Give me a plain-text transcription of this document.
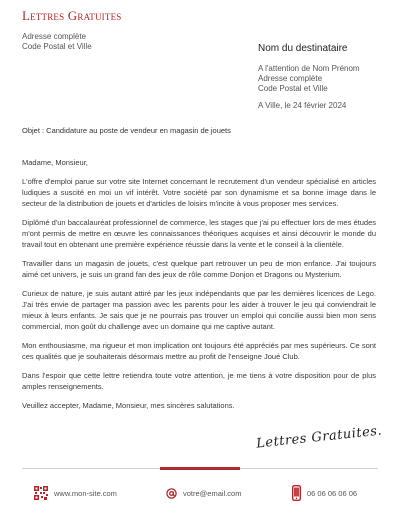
Lettres Gratuites
Adresse complète
Code Postal et Ville	Nom du destinataire
A l'attention de Nom Prénom
Adresse complète
Code Postal et Ville
A Ville, le 24 février 2024
Objet : Candidature au poste de vendeur en magasin de jouets

Madame, Monsieur,

L'offre d'emploi parue sur votre site Internet concernant le recrutement d'un vendeur spécialisé en articles ludiques a suscité en moi un vif intérêt. Votre société par son dynamisme et sa bonne image dans le secteur de la distribution de jouets et d'articles de loisirs m'incite à vous proposer mes services.

Diplômé d'un baccalauréat professionnel de commerce, les stages que j'ai pu effectuer lors de mes études m'ont permis de mettre en œuvre les connaissances théoriques acquises et ainsi découvrir le monde du travail tout en obtenant une première expérience réussie dans la vente et le conseil à la clientèle.

Travailler dans un magasin de jouets, c'est quelque part retrouver un peu de mon enfance. J'ai toujours aimé cet univers, je suis un grand fan des jeux de rôle comme Donjon et Dragons ou Mysterium.

Curieux de nature, je suis autant attiré par les jeux indépendants que par les dernières licences de Lego. J'ai très envie de partager ma passion avec les parents pour les aider à trouver le jeu qui conviendrait le mieux à leurs enfants. Je sais que je ne pourrais pas trouver un emploi qui concilie aussi bien mon sens commercial, mon goût du challenge avec un domaine qui me captive autant.

Mon enthousiasme, ma rigueur et mon implication ont toujours été appréciés par mes supérieurs. Ce sont ces qualités que je souhaiterais désormais mettre au profit de l'enseigne Joué Club.

Dans l'espoir que cette lettre retiendra toute votre attention, je me tiens à votre disposition pour de plus amples renseignements.

Veuillez accepter, Madame, Monsieur, mes sincères salutations.

Lettres Gratuites.
www.mon-site.com	votre@email.com	06 06 06 06 06
